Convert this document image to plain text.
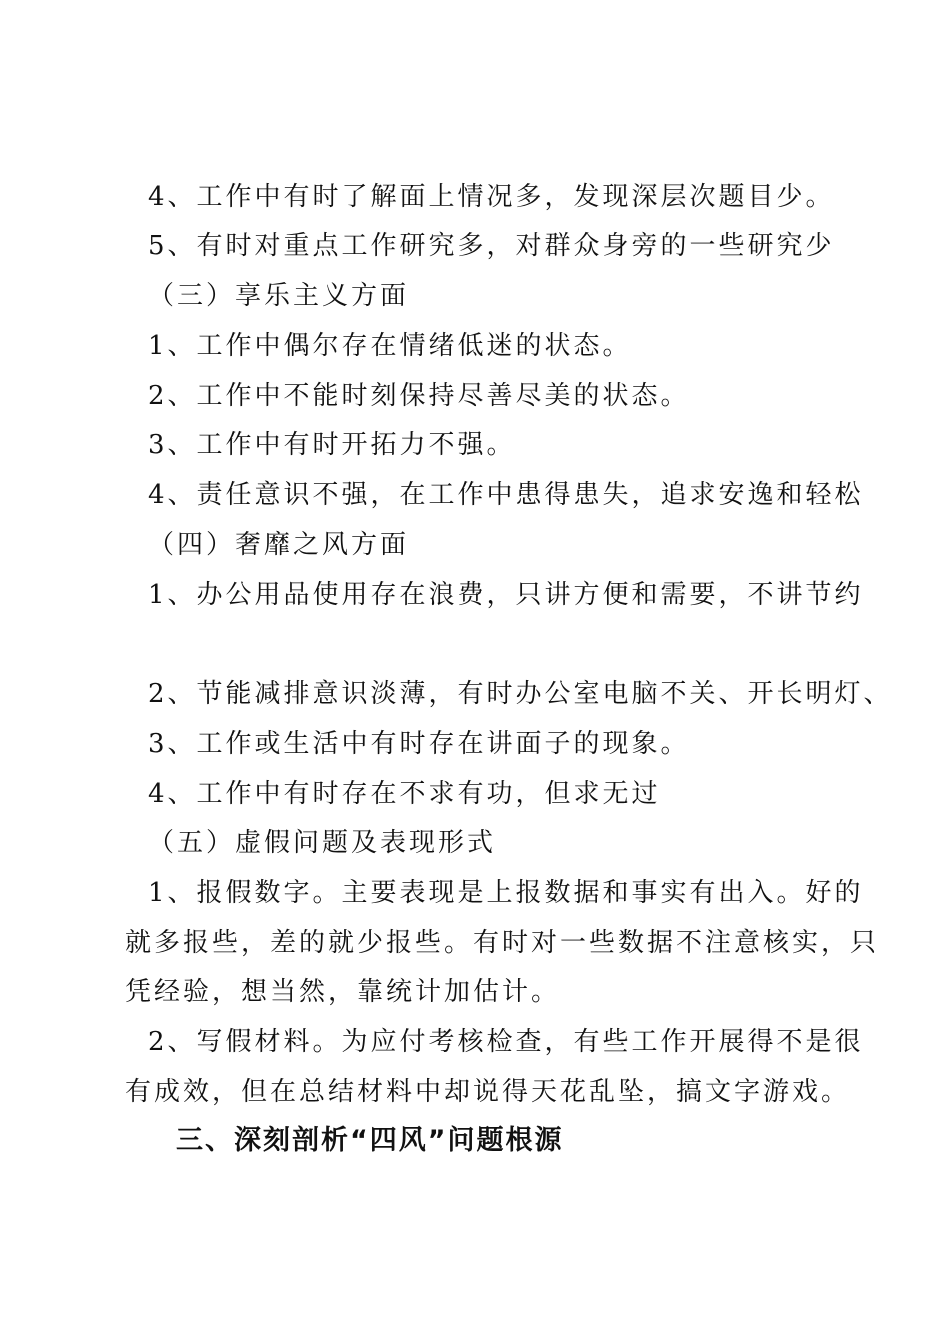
4、工作中有时了解面上情况多，发现深层次题目少。
5、有时对重点工作研究多，对群众身旁的一些研究少
（三）享乐主义方面
1、工作中偶尔存在情绪低迷的状态。
2、工作中不能时刻保持尽善尽美的状态。
3、工作中有时开拓力不强。
4、责任意识不强，在工作中患得患失，追求安逸和轻松
（四）奢靡之风方面
1、办公用品使用存在浪费，只讲方便和需要，不讲节约
2、节能减排意识淡薄，有时办公室电脑不关、开长明灯、
3、工作或生活中有时存在讲面子的现象。
4、工作中有时存在不求有功，但求无过
（五）虚假问题及表现形式
1、报假数字。主要表现是上报数据和事实有出入。好的
就多报些，差的就少报些。有时对一些数据不注意核实，只
凭经验，想当然，靠统计加估计。
2、写假材料。为应付考核检查，有些工作开展得不是很
有成效，但在总结材料中却说得天花乱坠，搞文字游戏。
三、深刻剖析“四风”问题根源
